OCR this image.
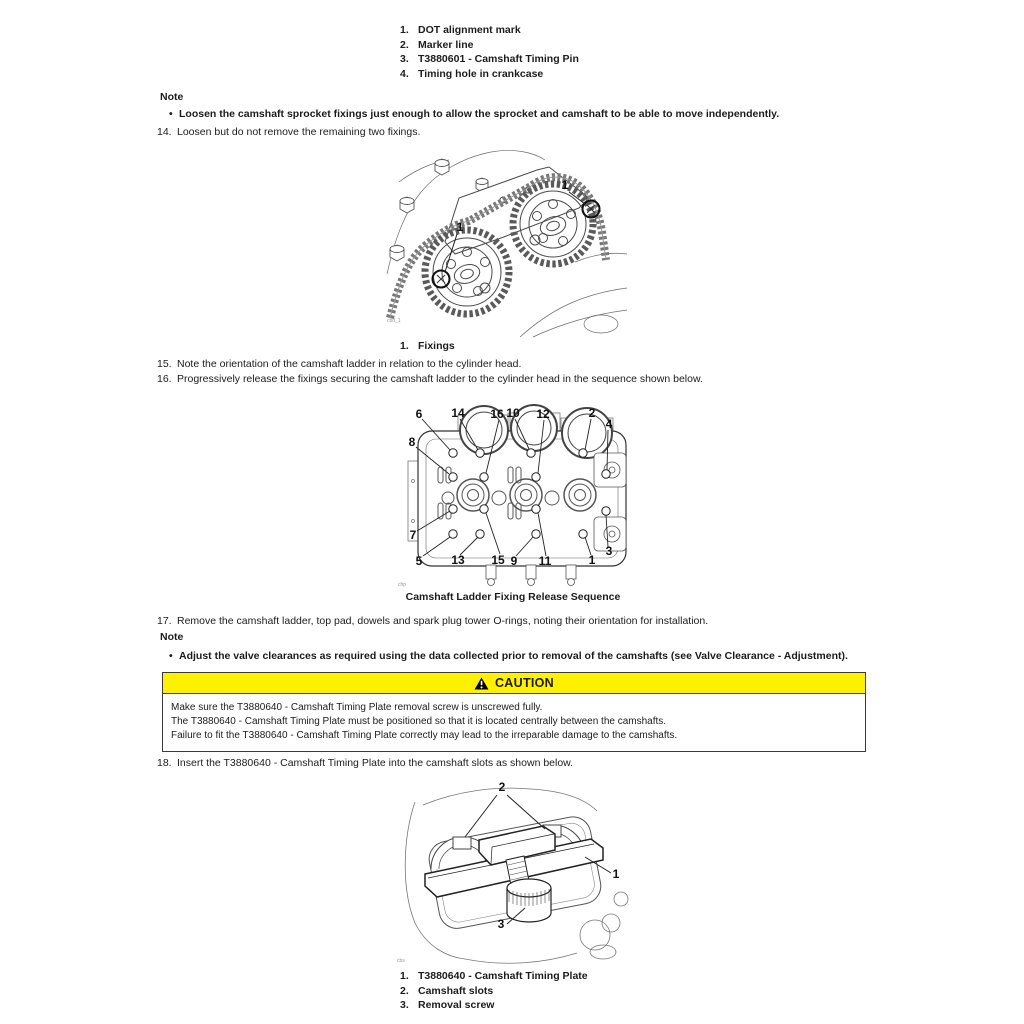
1. DOT alignment mark
2. Marker line
3. T3880601 - Camshaft Timing Pin
4. Timing hole in crankcase
Note
• Loosen the camshaft sprocket fixings just enough to allow the sprocket and camshaft to be able to move independently.
14. Loosen but do not remove the remaining two fixings.
1
1
cbd_1
1. Fixings
15. Note the orientation of the camshaft ladder in relation to the cylinder head.
16. Progressively release the fixings securing the camshaft ladder to the cylinder head in the sequence shown below.
6 14 16 10 12	2
4
8
7
5 13 15 9 11	1
3
chp
Camshaft Ladder Fixing Release Sequence
17. Remove the camshaft ladder, top pad, dowels and spark plug tower O-rings, noting their orientation for installation.
Note
• Adjust the valve clearances as required using the data collected prior to removal of the camshafts (see Valve Clearance - Adjustment).
CAUTION
Make sure the T3880640 - Camshaft Timing Plate removal screw is unscrewed fully.
The T3880640 - Camshaft Timing Plate must be positioned so that it is located centrally between the camshafts.
Failure to fit the T3880640 - Camshaft Timing Plate correctly may lead to the irreparable damage to the camshafts.
18. Insert the T3880640 - Camshaft Timing Plate into the camshaft slots as shown below.
2
1
3
cbs
1. T3880640 - Camshaft Timing Plate
2. Camshaft slots
3. Removal screw
